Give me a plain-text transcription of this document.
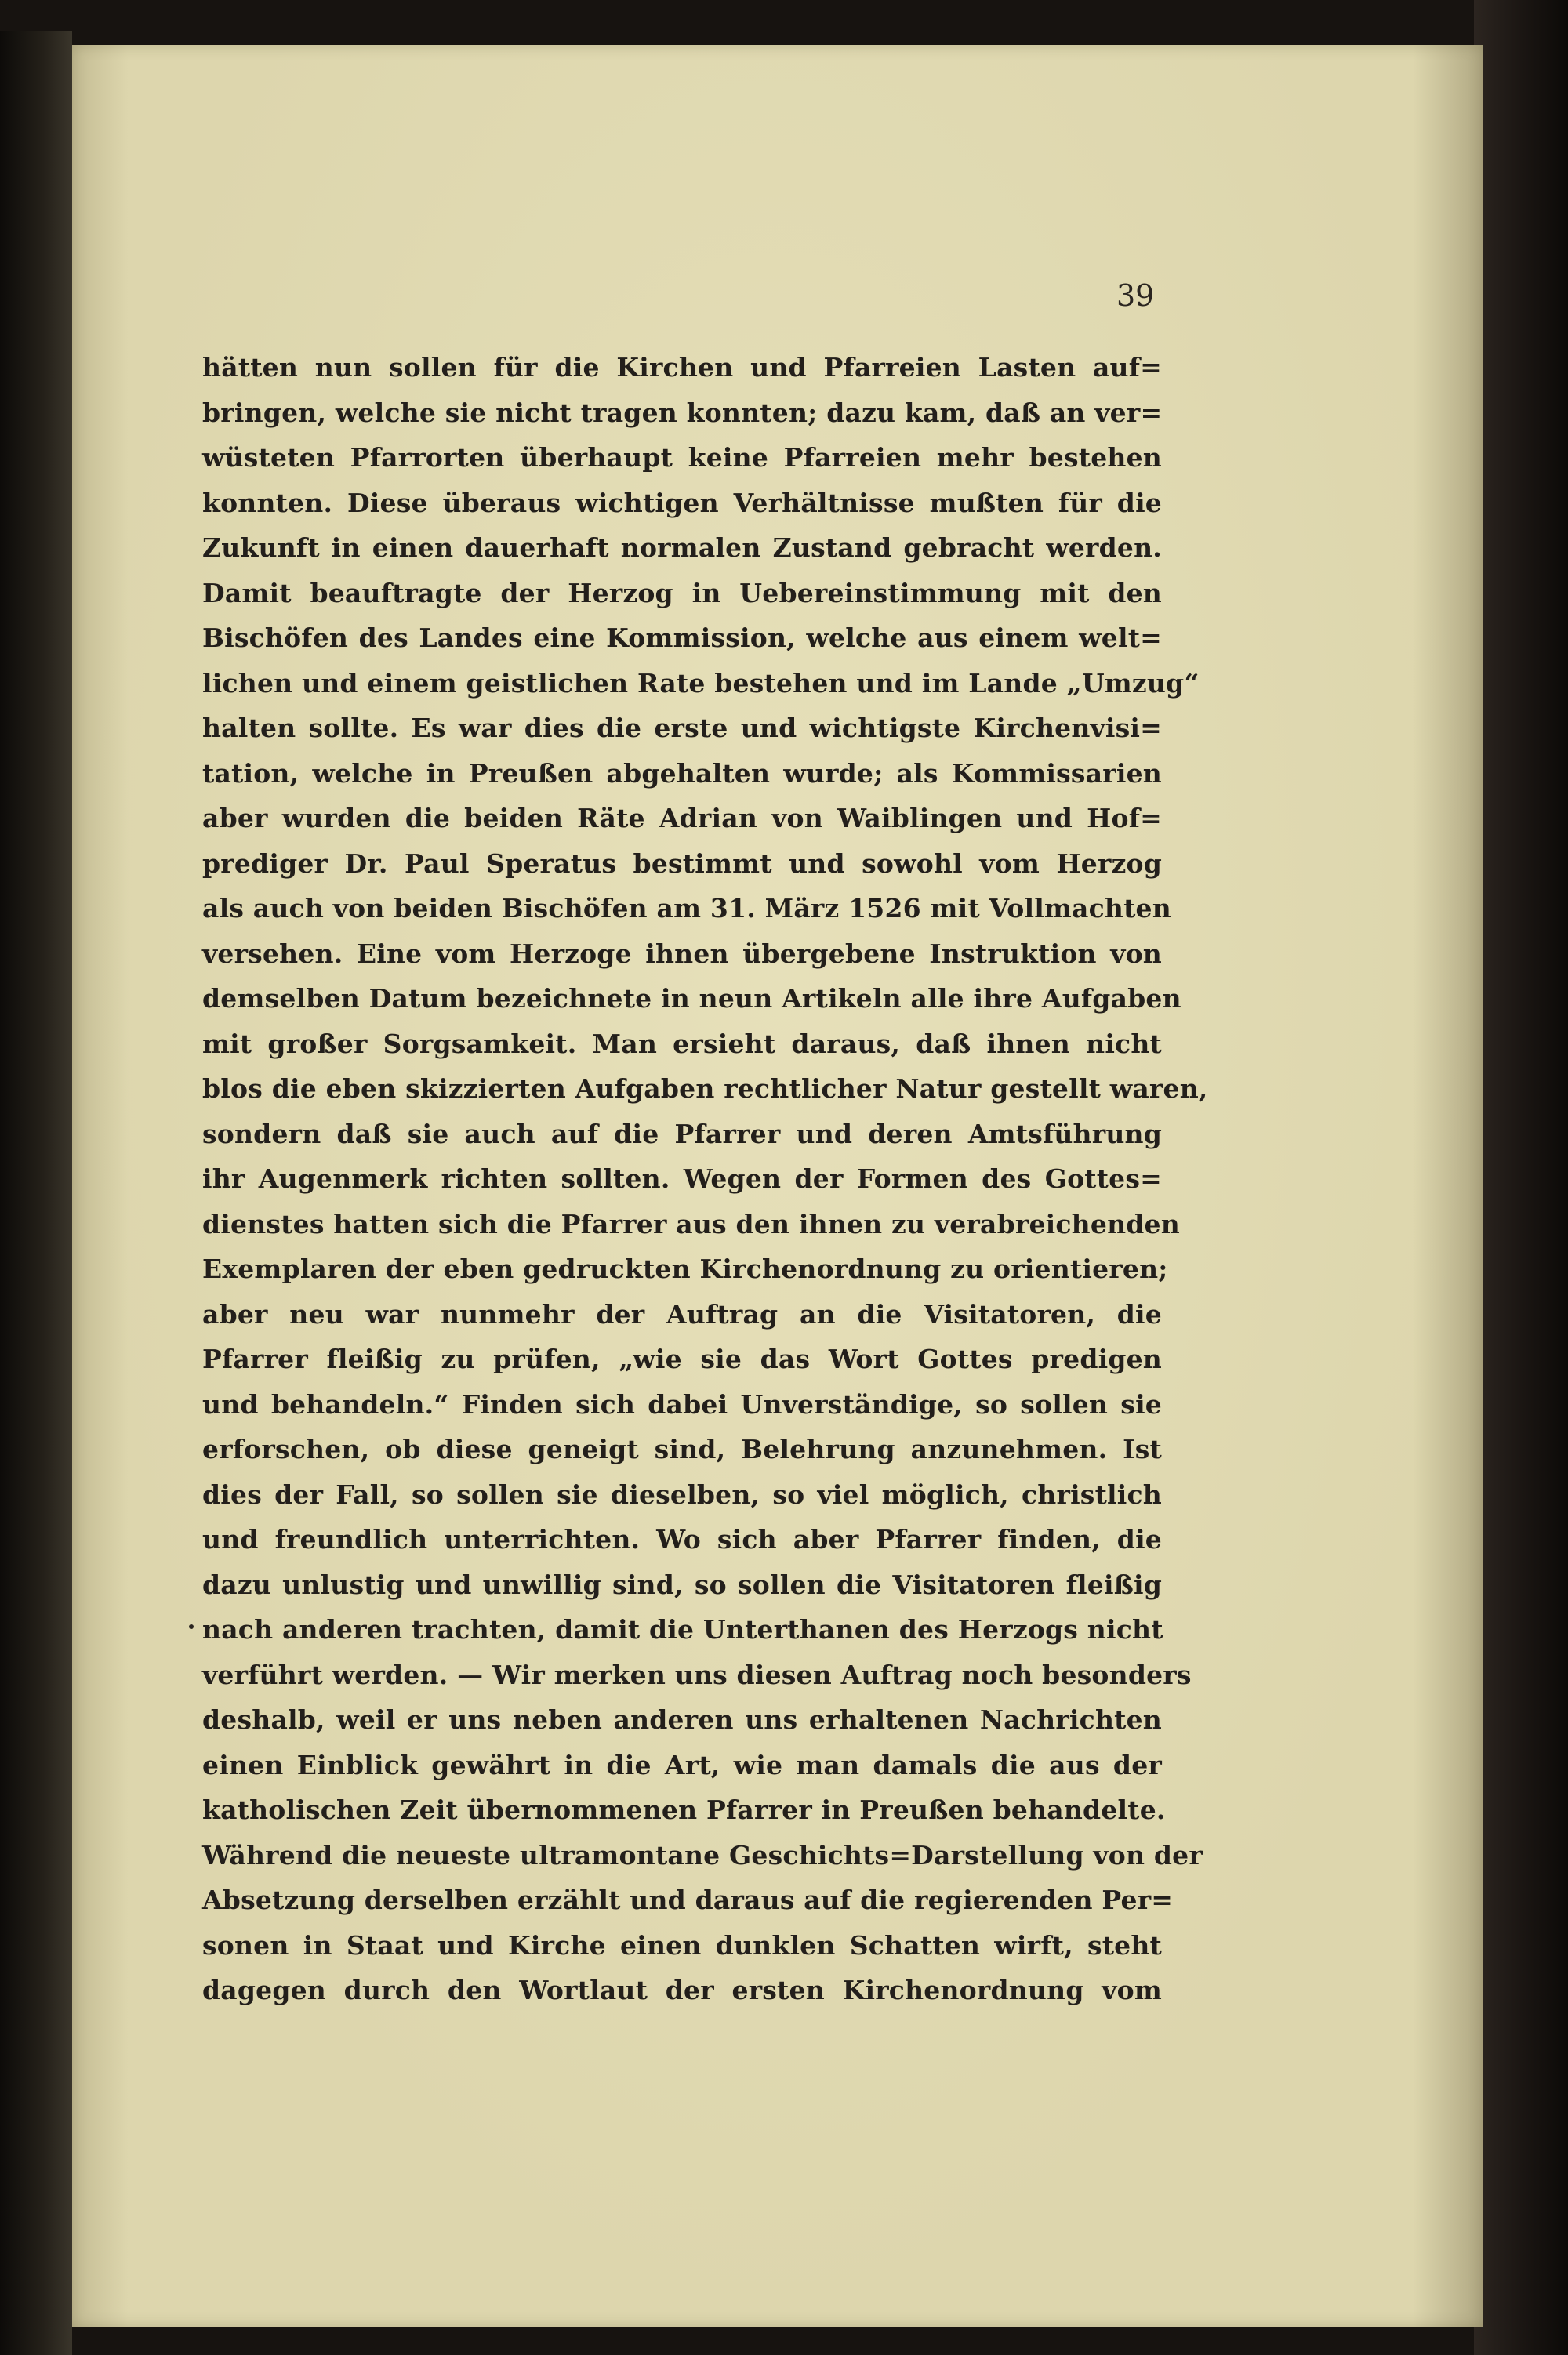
39

hätten nun sollen für die Kirchen und Pfarreien Lasten auf=
bringen, welche sie nicht tragen konnten; dazu kam, daß an ver=
wüsteten Pfarrorten überhaupt keine Pfarreien mehr bestehen
konnten. Diese überaus wichtigen Verhältnisse mußten für die
Zukunft in einen dauerhaft normalen Zustand gebracht werden.
Damit beauftragte der Herzog in Uebereinstimmung mit den
Bischöfen des Landes eine Kommission, welche aus einem welt=
lichen und einem geistlichen Rate bestehen und im Lande „Umzug“
halten sollte. Es war dies die erste und wichtigste Kirchenvisi=
tation, welche in Preußen abgehalten wurde; als Kommissarien
aber wurden die beiden Räte Adrian von Waiblingen und Hof=
prediger Dr. Paul Speratus bestimmt und sowohl vom Herzog
als auch von beiden Bischöfen am 31. März 1526 mit Vollmachten
versehen. Eine vom Herzoge ihnen übergebene Instruktion von
demselben Datum bezeichnete in neun Artikeln alle ihre Aufgaben
mit großer Sorgsamkeit. Man ersieht daraus, daß ihnen nicht
blos die eben skizzierten Aufgaben rechtlicher Natur gestellt waren,
sondern daß sie auch auf die Pfarrer und deren Amtsführung
ihr Augenmerk richten sollten. Wegen der Formen des Gottes=
dienstes hatten sich die Pfarrer aus den ihnen zu verabreichenden
Exemplaren der eben gedruckten Kirchenordnung zu orientieren;
aber neu war nunmehr der Auftrag an die Visitatoren, die
Pfarrer fleißig zu prüfen, „wie sie das Wort Gottes predigen
und behandeln.“ Finden sich dabei Unverständige, so sollen sie
erforschen, ob diese geneigt sind, Belehrung anzunehmen. Ist
dies der Fall, so sollen sie dieselben, so viel möglich, christlich
und freundlich unterrichten. Wo sich aber Pfarrer finden, die
dazu unlustig und unwillig sind, so sollen die Visitatoren fleißig
nach anderen trachten, damit die Unterthanen des Herzogs nicht
verführt werden. — Wir merken uns diesen Auftrag noch besonders
deshalb, weil er uns neben anderen uns erhaltenen Nachrichten
einen Einblick gewährt in die Art, wie man damals die aus der
katholischen Zeit übernommenen Pfarrer in Preußen behandelte.
Während die neueste ultramontane Geschichts=Darstellung von der
Absetzung derselben erzählt und daraus auf die regierenden Per=
sonen in Staat und Kirche einen dunklen Schatten wirft, steht
dagegen durch den Wortlaut der ersten Kirchenordnung vom
